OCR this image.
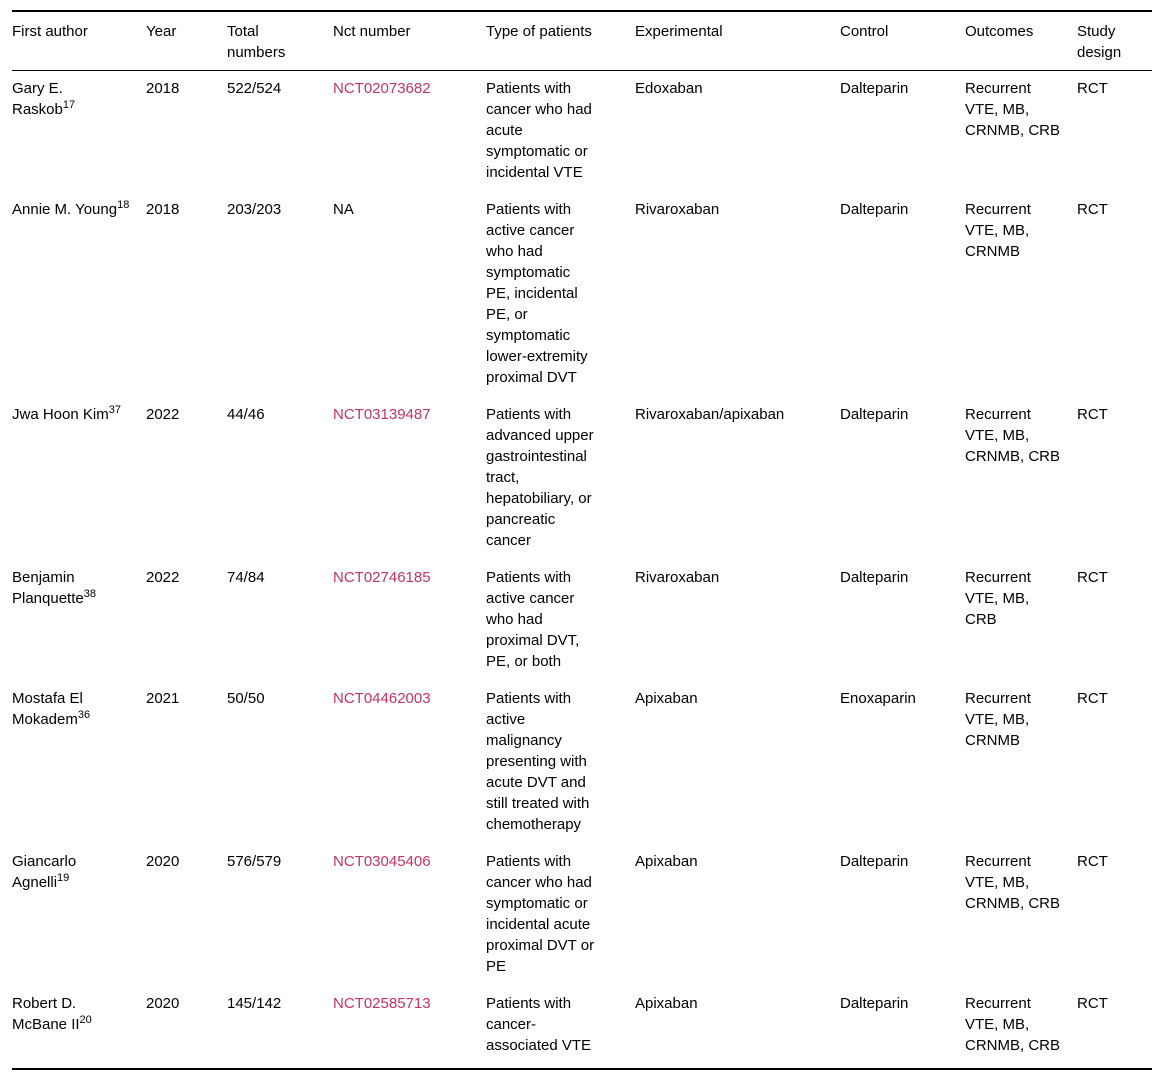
First author	Year	Total numbers	Nct number	Type of patients	Experimental	Control	Outcomes	Study design

Gary E. Raskob$^{17}$	2018	522/524	NCT02073682	Patients with cancer who had acute symptomatic or incidental VTE	Edoxaban	Dalteparin	Recurrent VTE, MB, CRNMB, CRB	RCT

Annie M. Young$^{18}$	2018	203/203	NA	Patients with active cancer who had symptomatic PE, incidental PE, or symptomatic lower-extremity proximal DVT	Rivaroxaban	Dalteparin	Recurrent VTE, MB, CRNMB	RCT

Jwa Hoon Kim$^{37}$	2022	44/46	NCT03139487	Patients with advanced upper gastrointestinal tract, hepatobiliary, or pancreatic cancer	Rivaroxaban/apixaban	Dalteparin	Recurrent VTE, MB, CRNMB, CRB	RCT

Benjamin Planquette$^{38}$	2022	74/84	NCT02746185	Patients with active cancer who had proximal DVT, PE, or both	Rivaroxaban	Dalteparin	Recurrent VTE, MB, CRB	RCT

Mostafa El Mokadem$^{36}$	2021	50/50	NCT04462003	Patients with active malignancy presenting with acute DVT and still treated with chemotherapy	Apixaban	Enoxaparin	Recurrent VTE, MB, CRNMB	RCT

Giancarlo Agnelli$^{19}$	2020	576/579	NCT03045406	Patients with cancer who had symptomatic or incidental acute proximal DVT or PE	Apixaban	Dalteparin	Recurrent VTE, MB, CRNMB, CRB	RCT

Robert D. McBane II$^{20}$	2020	145/142	NCT02585713	Patients with cancer-associated VTE	Apixaban	Dalteparin	Recurrent VTE, MB, CRNMB, CRB	RCT
